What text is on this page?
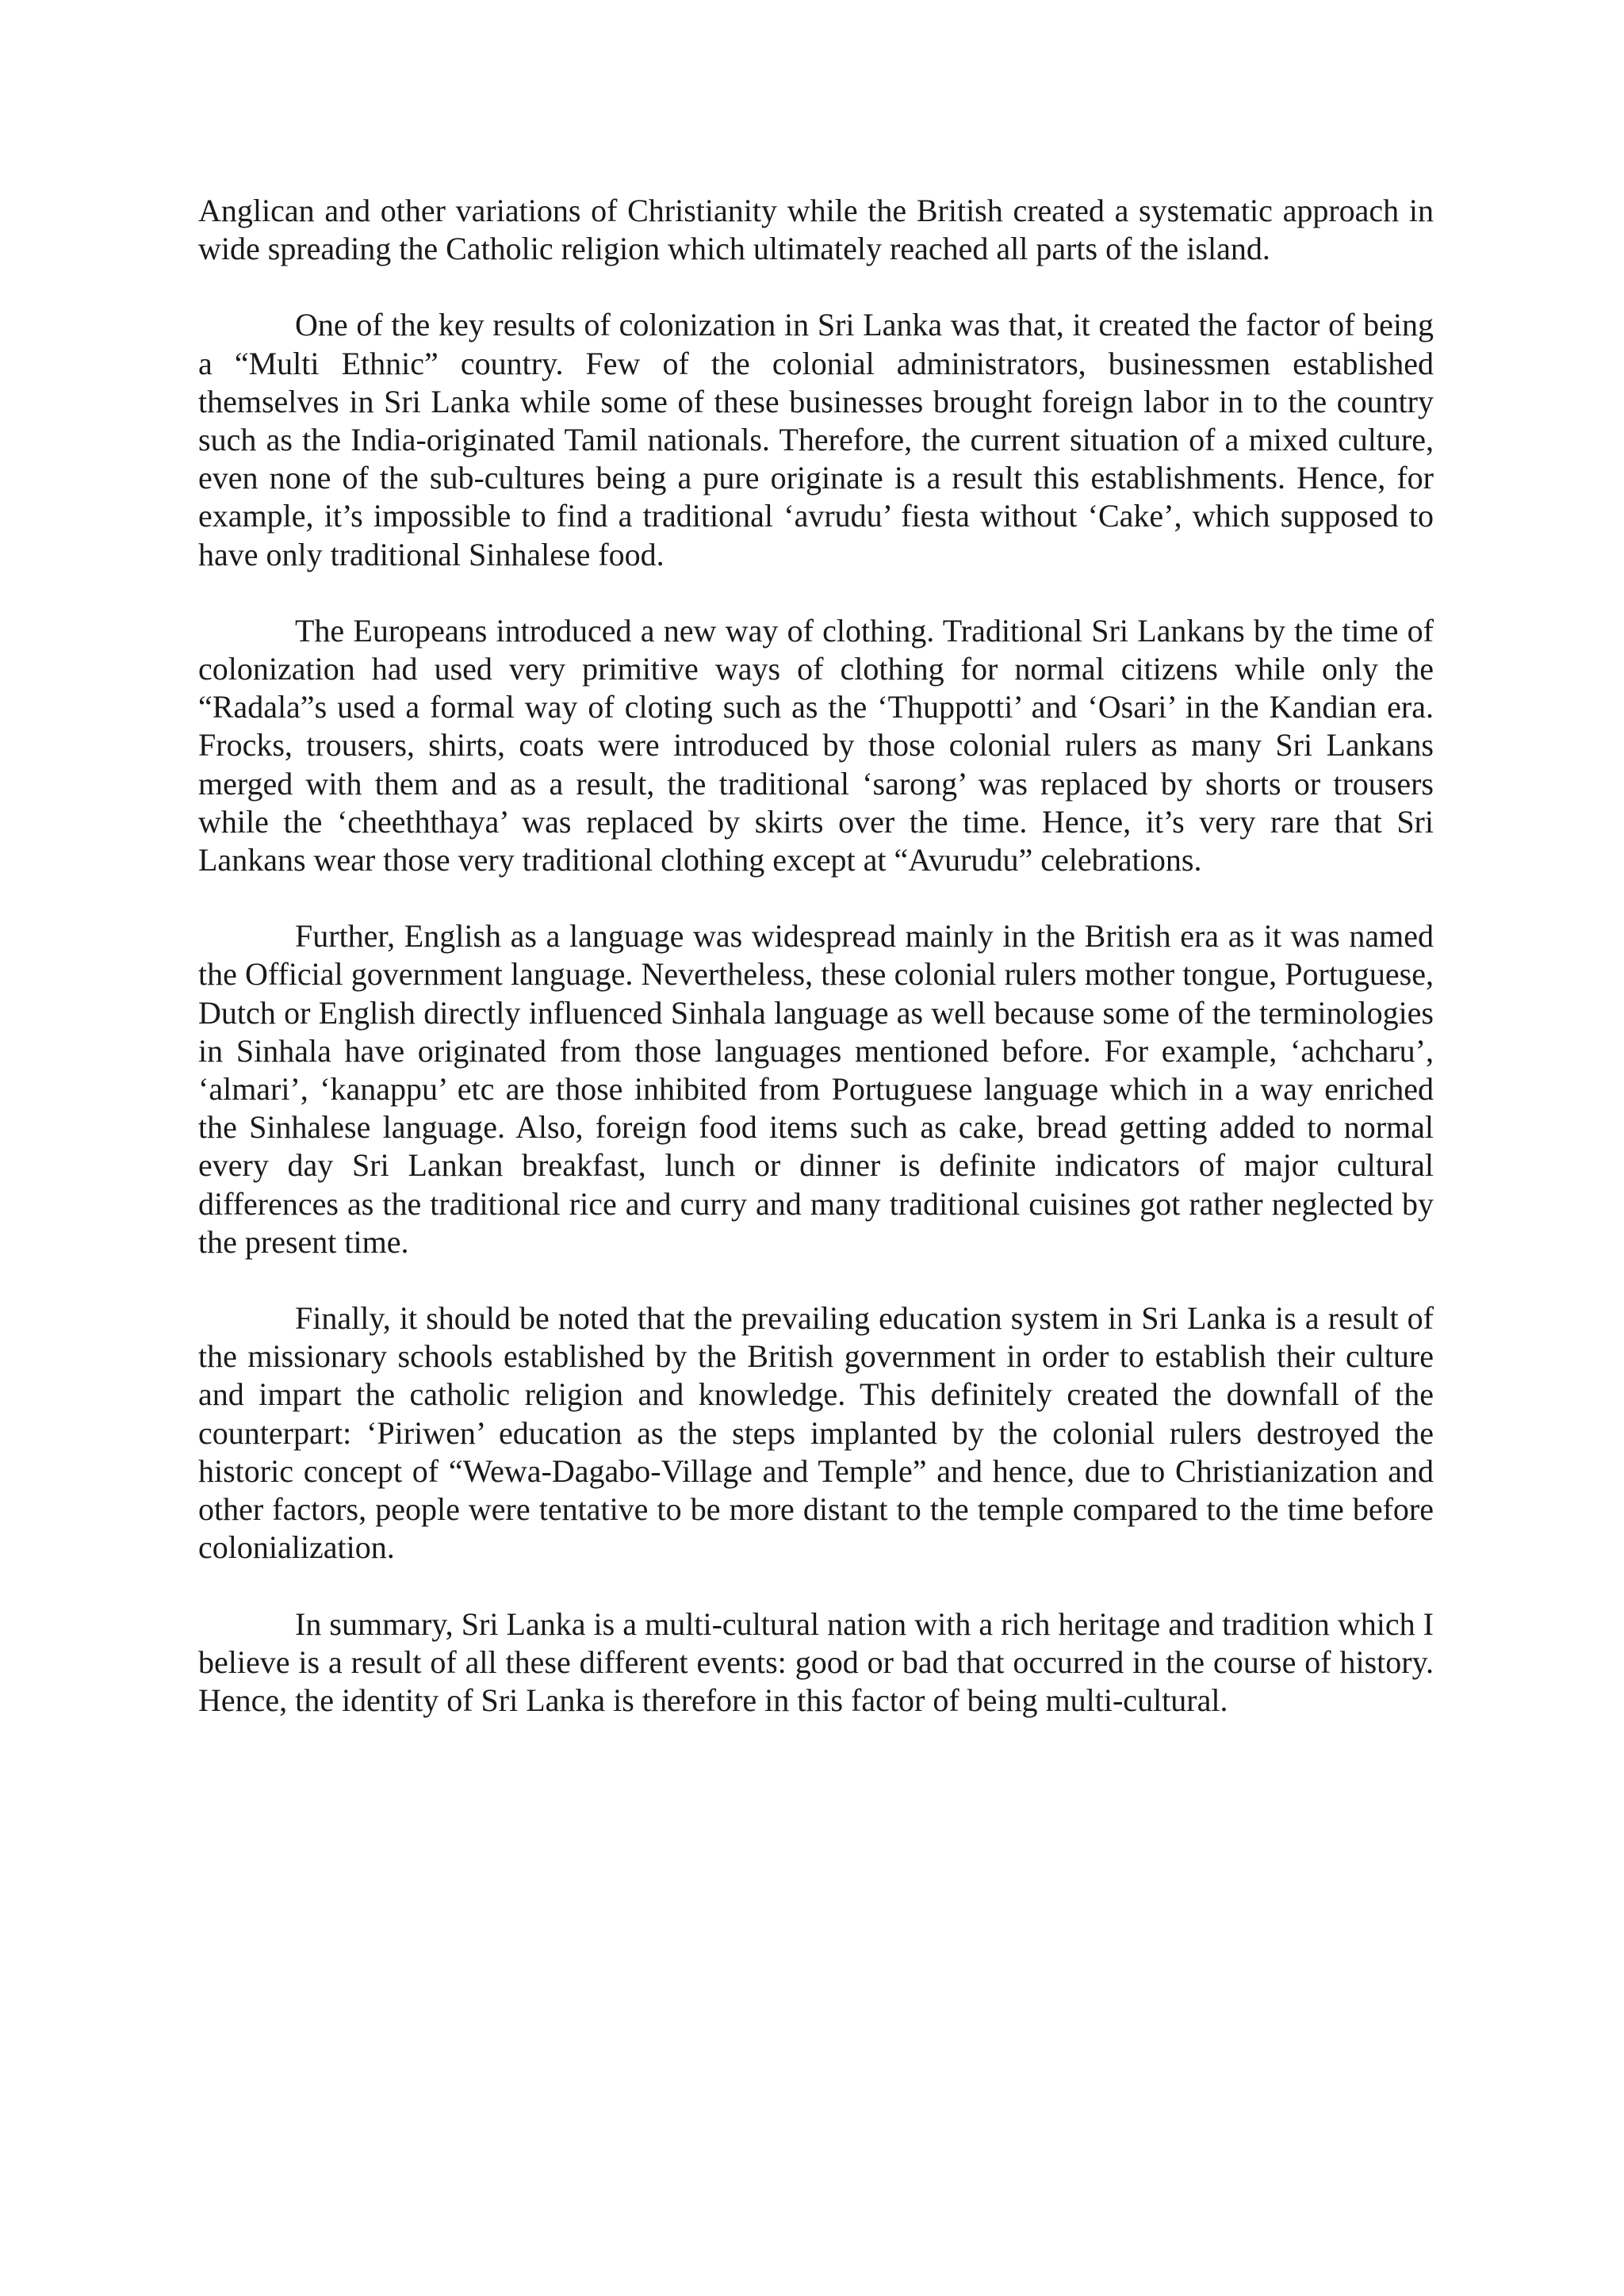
Anglican and other variations of Christianity while the British created a systematic approach in wide spreading the Catholic religion which ultimately reached all parts of the island.

One of the key results of colonization in Sri Lanka was that, it created the factor of being a “Multi Ethnic” country. Few of the colonial administrators, businessmen established themselves in Sri Lanka while some of these businesses brought foreign labor in to the country such as the India-originated Tamil nationals. Therefore, the current situation of a mixed culture, even none of the sub-cultures being a pure originate is a result this establishments. Hence, for example, it’s impossible to find a traditional ‘avrudu’ fiesta without ‘Cake’, which supposed to have only traditional Sinhalese food.

The Europeans introduced a new way of clothing. Traditional Sri Lankans by the time of colonization had used very primitive ways of clothing for normal citizens while only the “Radala”s used a formal way of cloting such as the ‘Thuppotti’ and ‘Osari’ in the Kandian era. Frocks, trousers, shirts, coats were introduced by those colonial rulers as many Sri Lankans merged with them and as a result, the traditional ‘sarong’ was replaced by shorts or trousers while the ‘cheeththaya’ was replaced by skirts over the time. Hence, it’s very rare that Sri Lankans wear those very traditional clothing except at “Avurudu” celebrations.

Further, English as a language was widespread mainly in the British era as it was named the Official government language. Nevertheless, these colonial rulers mother tongue, Portuguese, Dutch or English directly influenced Sinhala language as well because some of the terminologies in Sinhala have originated from those languages mentioned before. For example, ‘achcharu’, ‘almari’, ‘kanappu’ etc are those inhibited from Portuguese language which in a way enriched the Sinhalese language. Also, foreign food items such as cake, bread getting added to normal every day Sri Lankan breakfast, lunch or dinner is definite indicators of major cultural differences as the traditional rice and curry and many traditional cuisines got rather neglected by the present time.

Finally, it should be noted that the prevailing education system in Sri Lanka is a result of the missionary schools established by the British government in order to establish their culture and impart the catholic religion and knowledge. This definitely created the downfall of the counterpart: ‘Piriwen’ education as the steps implanted by the colonial rulers destroyed the historic concept of “Wewa-Dagabo-Village and Temple” and hence, due to Christianization and other factors, people were tentative to be more distant to the temple compared to the time before colonialization.

In summary, Sri Lanka is a multi-cultural nation with a rich heritage and tradition which I believe is a result of all these different events: good or bad that occurred in the course of history. Hence, the identity of Sri Lanka is therefore in this factor of being multi-cultural.
